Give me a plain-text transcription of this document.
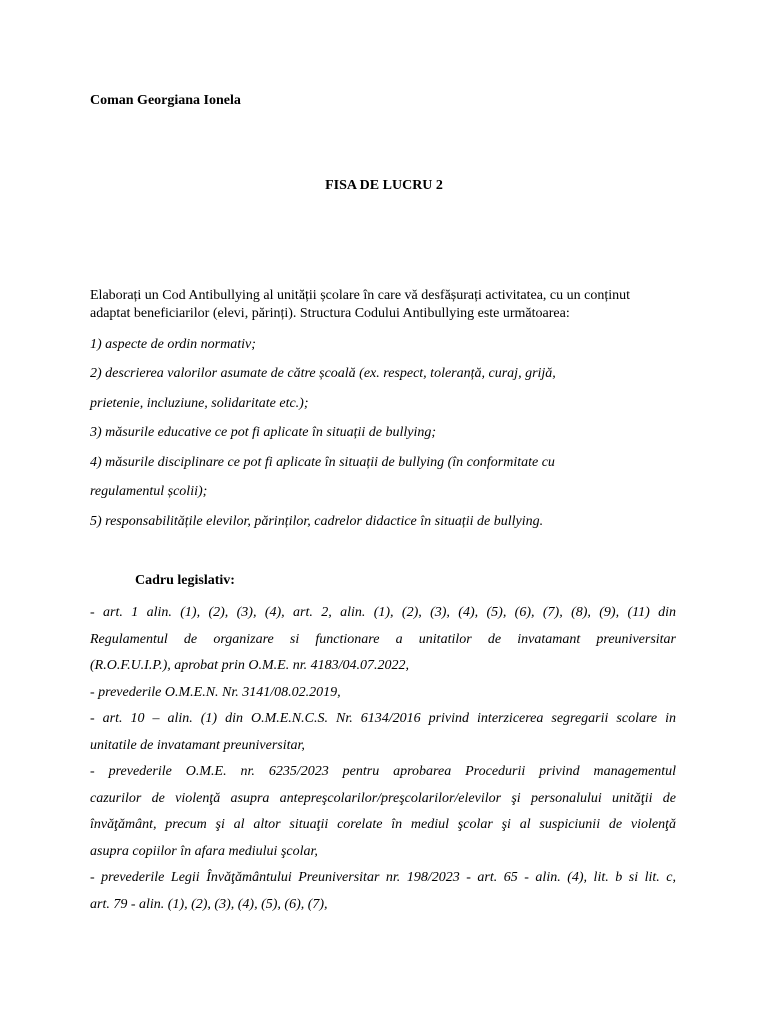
Coman Georgiana Ionela
FISA DE LUCRU 2
Elaborați un Cod Antibullying al unității școlare în care vă desfășurați activitatea, cu un conținut
adaptat beneficiarilor (elevi, părinți). Structura Codului Antibullying este următoarea:
1) aspecte de ordin normativ;
2) descrierea valorilor asumate de către școală (ex. respect, toleranță, curaj, grijă,
prietenie, incluziune, solidaritate etc.);
3) măsurile educative ce pot fi aplicate în situații de bullying;
4) măsurile disciplinare ce pot fi aplicate în situații de bullying (în conformitate cu
regulamentul școlii);
5) responsabilitățile elevilor, părinților, cadrelor didactice în situații de bullying.
Cadru legislativ:
- art. 1 alin. (1), (2), (3), (4), art. 2, alin. (1), (2), (3), (4), (5), (6), (7), (8), (9), (11) din
Regulamentul de organizare si functionare a unitatilor de invatamant preuniversitar
(R.O.F.U.I.P.), aprobat prin O.M.E. nr. 4183/04.07.2022,
- prevederile O.M.E.N. Nr. 3141/08.02.2019,
- art. 10 – alin. (1) din O.M.E.N.C.S. Nr. 6134/2016 privind interzicerea segregarii scolare in
unitatile de invatamant preuniversitar,
- prevederile O.M.E. nr. 6235/2023 pentru aprobarea Procedurii privind managementul
cazurilor de violenţă asupra antepreşcolarilor/preşcolarilor/elevilor şi personalului unităţii de
învăţământ, precum şi al altor situaţii corelate în mediul şcolar şi al suspiciunii de violenţă
asupra copiilor în afara mediului şcolar,
- prevederile Legii Învăţământului Preuniversitar nr. 198/2023 - art. 65 - alin. (4), lit. b si lit. c,
art. 79 - alin. (1), (2), (3), (4), (5), (6), (7),
